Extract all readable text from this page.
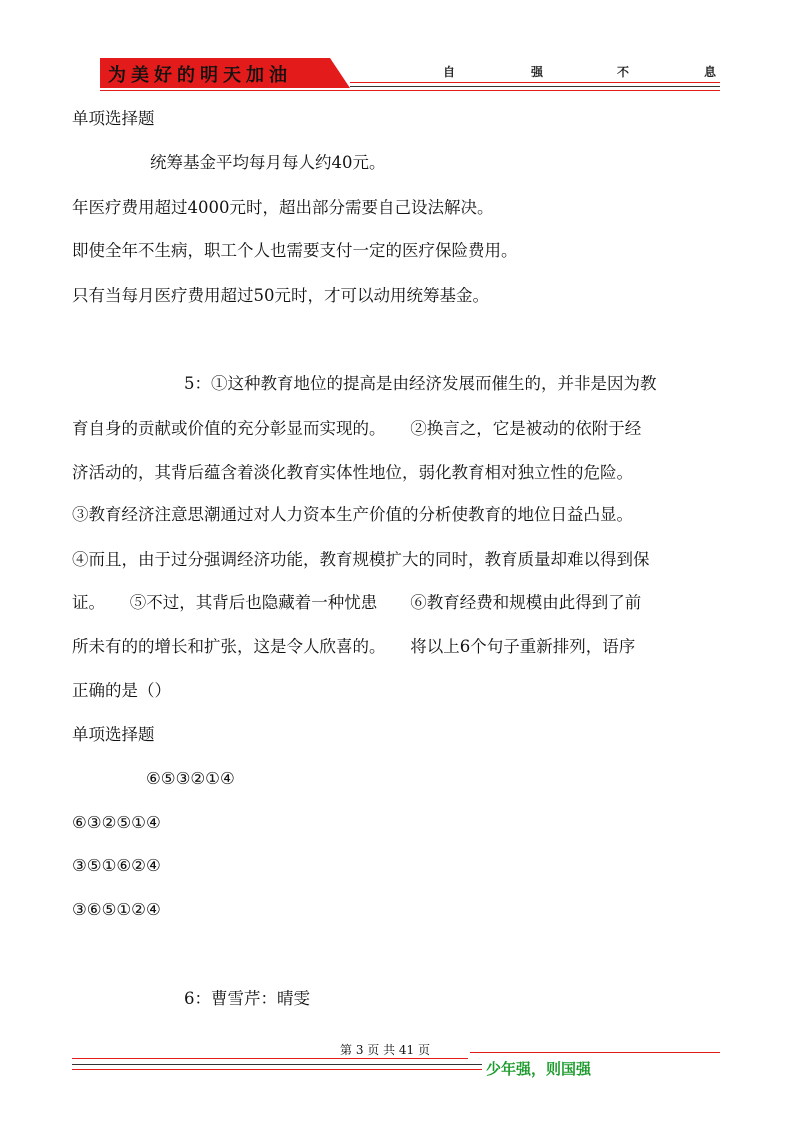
为美好的明天加油	自	强	不	息
单项选择题
统筹基金平均每月每人约40元。
年医疗费用超过4000元时，超出部分需要自己设法解决。
即使全年不生病，职工个人也需要支付一定的医疗保险费用。
只有当每月医疗费用超过50元时，才可以动用统筹基金。
5：①这种教育地位的提高是由经济发展而催生的，并非是因为教
育自身的贡献或价值的充分彰显而实现的。　　②换言之，它是被动的依附于经
济活动的，其背后蕴含着淡化教育实体性地位，弱化教育相对独立性的危险。
③教育经济注意思潮通过对人力资本生产价值的分析使教育的地位日益凸显。
④而且，由于过分强调经济功能，教育规模扩大的同时，教育质量却难以得到保
证。　　⑤不过，其背后也隐藏着一种忧患　　⑥教育经费和规模由此得到了前
所未有的的增长和扩张，这是令人欣喜的。　　将以上6个句子重新排列，语序
正确的是（）
单项选择题
⑥⑤③②①④
⑥③②⑤①④
③⑤①⑥②④
③⑥⑤①②④
6：曹雪芹：晴雯
第 3 页 共 41 页
少年强，则国强
